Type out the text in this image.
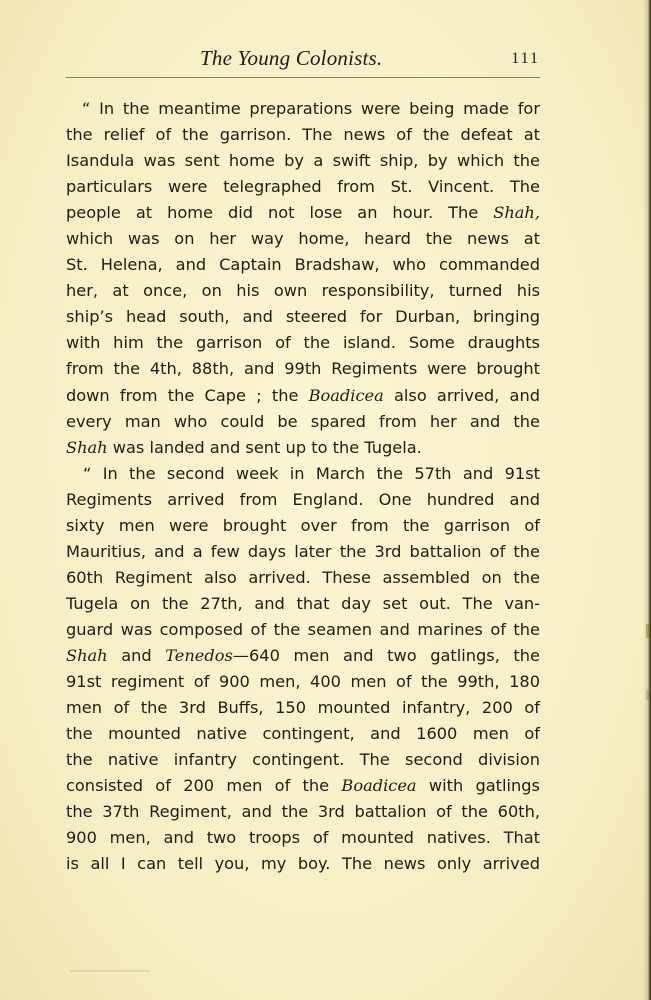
The Young Colonists.	111
“ In the meantime preparations were being made for
the relief of the garrison. The news of the defeat at
Isandula was sent home by a swift ship, by which the
particulars were telegraphed from St. Vincent. The
people at home did not lose an hour. The Shah,
which was on her way home, heard the news at
St. Helena, and Captain Bradshaw, who commanded
her, at once, on his own responsibility, turned his
ship’s head south, and steered for Durban, bringing
with him the garrison of the island. Some draughts
from the 4th, 88th, and 99th Regiments were brought
down from the Cape ; the Boadicea also arrived, and
every man who could be spared from her and the
Shah was landed and sent up to the Tugela.
“ In the second week in March the 57th and 91st
Regiments arrived from England. One hundred and
sixty men were brought over from the garrison of
Mauritius, and a few days later the 3rd battalion of the
60th Regiment also arrived. These assembled on the
Tugela on the 27th, and that day set out. The van-
guard was composed of the seamen and marines of the
Shah and Tenedos—640 men and two gatlings, the
91st regiment of 900 men, 400 men of the 99th, 180
men of the 3rd Buffs, 150 mounted infantry, 200 of
the mounted native contingent, and 1600 men of
the native infantry contingent. The second division
consisted of 200 men of the Boadicea with gatlings
the 37th Regiment, and the 3rd battalion of the 60th,
900 men, and two troops of mounted natives. That
is all I can tell you, my boy. The news only arrived
